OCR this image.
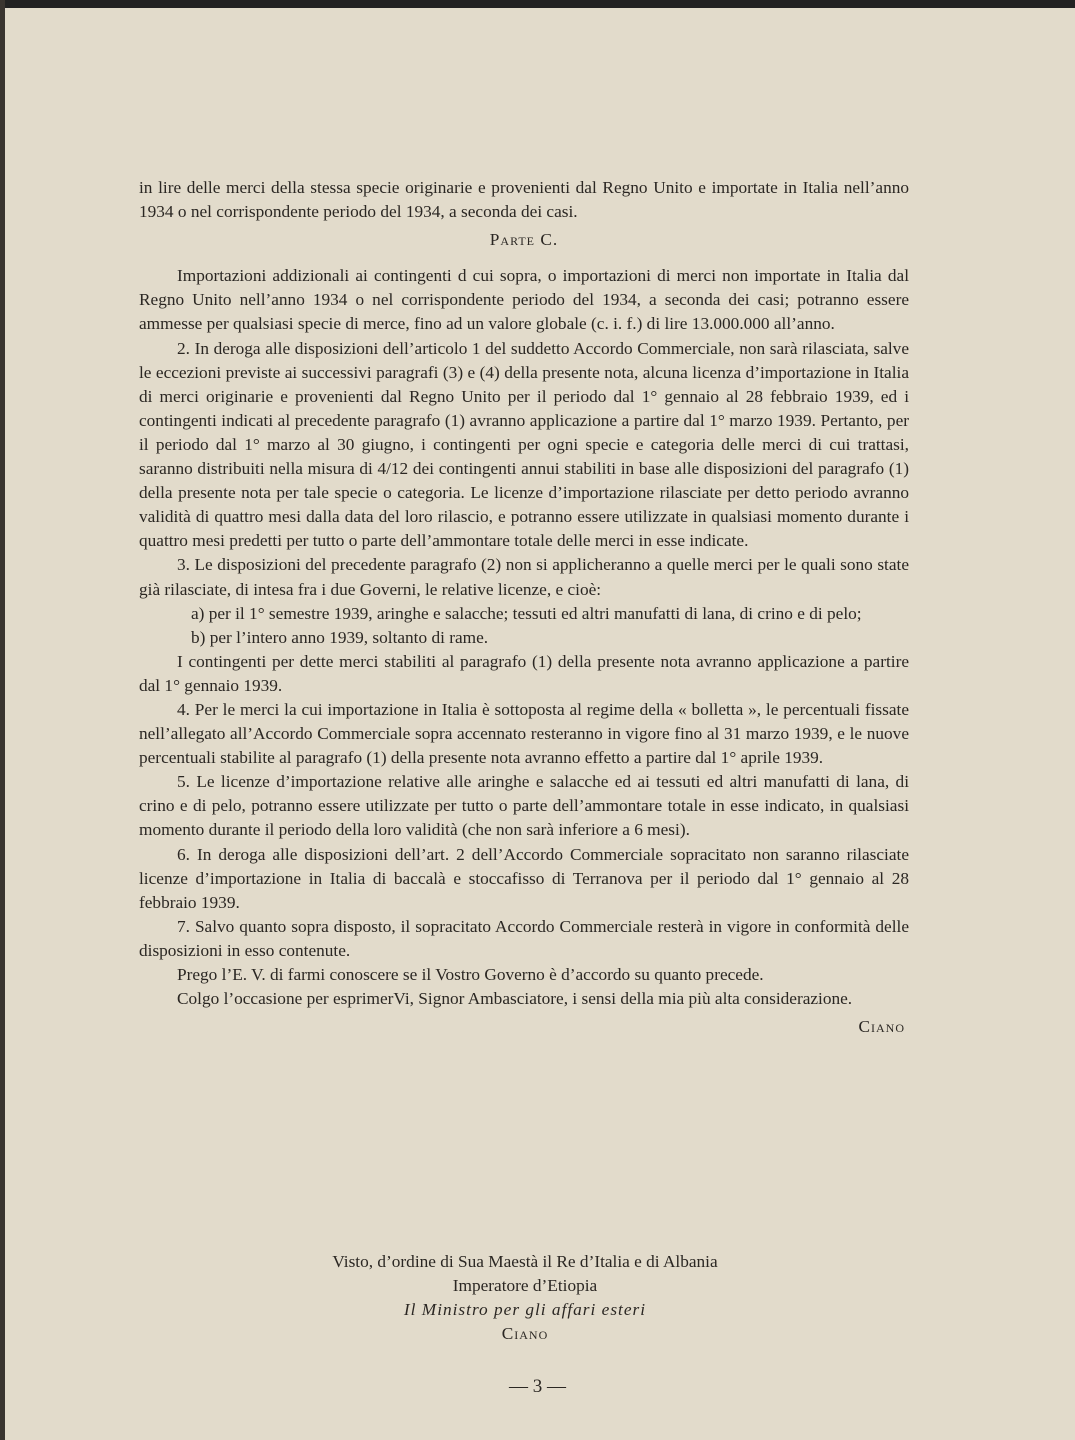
in lire delle merci della stessa specie originarie e provenienti dal Regno Unito e importate in Italia nell’anno 1934 o nel corrispondente periodo del 1934, a seconda dei casi.

Parte C.

Importazioni addizionali ai contingenti d cui sopra, o importazioni di merci non importate in Italia dal Regno Unito nell’anno 1934 o nel corrispondente periodo del 1934, a seconda dei casi; potranno essere ammesse per qualsiasi specie di merce, fino ad un valore globale (c. i. f.) di lire 13.000.000 all’anno.

2. In deroga alle disposizioni dell’articolo 1 del suddetto Accordo Commerciale, non sarà rilasciata, salve le eccezioni previste ai successivi paragrafi (3) e (4) della presente nota, alcuna licenza d’importazione in Italia di merci originarie e provenienti dal Regno Unito per il periodo dal 1° gennaio al 28 febbraio 1939, ed i contingenti indicati al precedente paragrafo (1) avranno applicazione a partire dal 1° marzo 1939. Pertanto, per il periodo dal 1° marzo al 30 giugno, i contingenti per ogni specie e categoria delle merci di cui trattasi, saranno distribuiti nella misura di 4/12 dei contingenti annui stabiliti in base alle disposizioni del paragrafo (1) della presente nota per tale specie o categoria. Le licenze d’importazione rilasciate per detto periodo avranno validità di quattro mesi dalla data del loro rilascio, e potranno essere utilizzate in qualsiasi momento durante i quattro mesi predetti per tutto o parte dell’ammontare totale delle merci in esse indicate.

3. Le disposizioni del precedente paragrafo (2) non si applicheranno a quelle merci per le quali sono state già rilasciate, di intesa fra i due Governi, le relative licenze, e cioè:

a) per il 1° semestre 1939, aringhe e salacche; tessuti ed altri manufatti di lana, di crino e di pelo;

b) per l’intero anno 1939, soltanto di rame.

I contingenti per dette merci stabiliti al paragrafo (1) della presente nota avranno applicazione a partire dal 1° gennaio 1939.

4. Per le merci la cui importazione in Italia è sottoposta al regime della « bolletta », le percentuali fissate nell’allegato all’Accordo Commerciale sopra accennato resteranno in vigore fino al 31 marzo 1939, e le nuove percentuali stabilite al paragrafo (1) della presente nota avranno effetto a partire dal 1° aprile 1939.

5. Le licenze d’importazione relative alle aringhe e salacche ed ai tessuti ed altri manufatti di lana, di crino e di pelo, potranno essere utilizzate per tutto o parte dell’ammontare totale in esse indicato, in qualsiasi momento durante il periodo della loro validità (che non sarà inferiore a 6 mesi).

6. In deroga alle disposizioni dell’art. 2 dell’Accordo Commerciale sopracitato non saranno rilasciate licenze d’importazione in Italia di baccalà e stoccafisso di Terranova per il periodo dal 1° gennaio al 28 febbraio 1939.

7. Salvo quanto sopra disposto, il sopracitato Accordo Commerciale resterà in vigore in conformità delle disposizioni in esso contenute.

Prego l’E. V. di farmi conoscere se il Vostro Governo è d’accordo su quanto precede.

Colgo l’occasione per esprimerVi, Signor Ambasciatore, i sensi della mia più alta considerazione.

Ciano

Visto, d’ordine di Sua Maestà il Re d’Italia e di Albania

Imperatore d’Etiopia

Il Ministro per gli affari esteri

Ciano

— 3 —
